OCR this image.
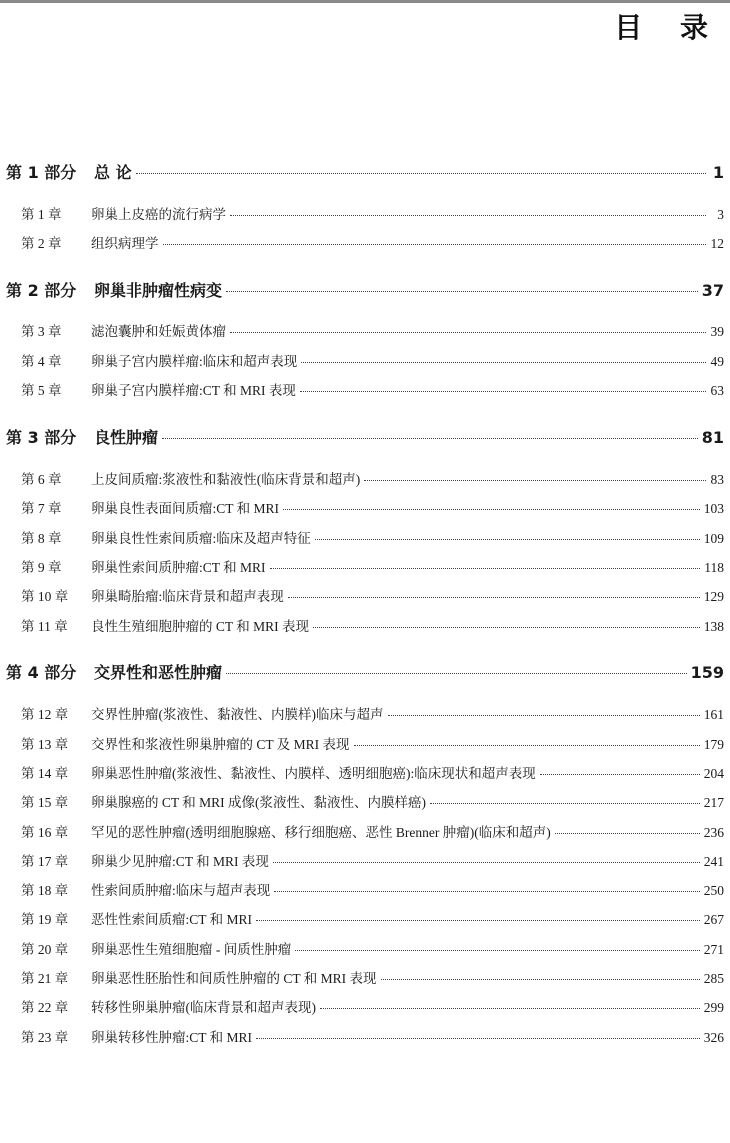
目 录
第 1 部分	总 论	1
第 1 章	卵巢上皮癌的流行病学	3
第 2 章	组织病理学	12
第 2 部分	卵巢非肿瘤性病变	37
第 3 章	滤泡囊肿和妊娠黄体瘤	39
第 4 章	卵巢子宫内膜样瘤:临床和超声表现	49
第 5 章	卵巢子宫内膜样瘤:CT 和 MRI 表现	63
第 3 部分	良性肿瘤	81
第 6 章	上皮间质瘤:浆液性和黏液性(临床背景和超声)	83
第 7 章	卵巢良性表面间质瘤:CT 和 MRI	103
第 8 章	卵巢良性性索间质瘤:临床及超声特征	109
第 9 章	卵巢性索间质肿瘤:CT 和 MRI	118
第 10 章	卵巢畸胎瘤:临床背景和超声表现	129
第 11 章	良性生殖细胞肿瘤的 CT 和 MRI 表现	138
第 4 部分	交界性和恶性肿瘤	159
第 12 章	交界性肿瘤(浆液性、黏液性、内膜样)临床与超声	161
第 13 章	交界性和浆液性卵巢肿瘤的 CT 及 MRI 表现	179
第 14 章	卵巢恶性肿瘤(浆液性、黏液性、内膜样、透明细胞癌):临床现状和超声表现	204
第 15 章	卵巢腺癌的 CT 和 MRI 成像(浆液性、黏液性、内膜样癌)	217
第 16 章	罕见的恶性肿瘤(透明细胞腺癌、移行细胞癌、恶性 Brenner 肿瘤)(临床和超声)	236
第 17 章	卵巢少见肿瘤:CT 和 MRI 表现	241
第 18 章	性索间质肿瘤:临床与超声表现	250
第 19 章	恶性性索间质瘤:CT 和 MRI	267
第 20 章	卵巢恶性生殖细胞瘤 - 间质性肿瘤	271
第 21 章	卵巢恶性胚胎性和间质性肿瘤的 CT 和 MRI 表现	285
第 22 章	转移性卵巢肿瘤(临床背景和超声表现)	299
第 23 章	卵巢转移性肿瘤:CT 和 MRI	326
